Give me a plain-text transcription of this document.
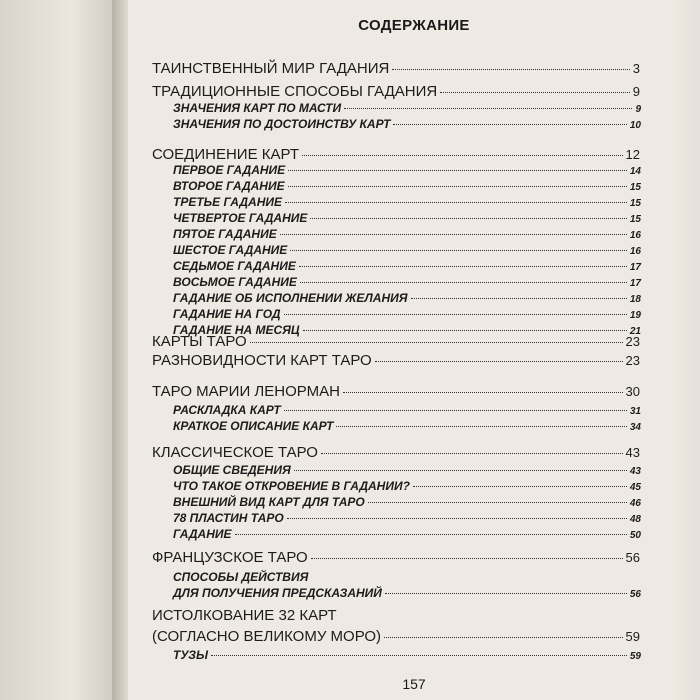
СОДЕРЖАНИЕ
ТАИНСТВЕННЫЙ МИР ГАДАНИЯ	3
ТРАДИЦИОННЫЕ СПОСОБЫ ГАДАНИЯ	9
ЗНАЧЕНИЯ КАРТ ПО МАСТИ	9
ЗНАЧЕНИЯ ПО ДОСТОИНСТВУ КАРТ	10
СОЕДИНЕНИЕ КАРТ	12
ПЕРВОЕ ГАДАНИЕ	14
ВТОРОЕ ГАДАНИЕ	15
ТРЕТЬЕ ГАДАНИЕ	15
ЧЕТВЕРТОЕ ГАДАНИЕ	15
ПЯТОЕ ГАДАНИЕ	16
ШЕСТОЕ ГАДАНИЕ	16
СЕДЬМОЕ ГАДАНИЕ	17
ВОСЬМОЕ ГАДАНИЕ	17
ГАДАНИЕ ОБ ИСПОЛНЕНИИ ЖЕЛАНИЯ	18
ГАДАНИЕ НА ГОД	19
ГАДАНИЕ НА МЕСЯЦ	21
КАРТЫ ТАРО	23
РАЗНОВИДНОСТИ КАРТ ТАРО	23
ТАРО МАРИИ ЛЕНОРМАН	30
РАСКЛАДКА КАРТ	31
КРАТКОЕ ОПИСАНИЕ КАРТ	34
КЛАССИЧЕСКОЕ ТАРО	43
ОБЩИЕ СВЕДЕНИЯ	43
ЧТО ТАКОЕ ОТКРОВЕНИЕ В ГАДАНИИ?	45
ВНЕШНИЙ ВИД КАРТ ДЛЯ ТАРО	46
78 ПЛАСТИН ТАРО	48
ГАДАНИЕ	50
ФРАНЦУЗСКОЕ ТАРО	56
СПОСОБЫ ДЕЙСТВИЯ
ДЛЯ ПОЛУЧЕНИЯ ПРЕДСКАЗАНИЙ	56
ИСТОЛКОВАНИЕ 32 КАРТ
(СОГЛАСНО ВЕЛИКОМУ МОРО)	59
ТУЗЫ	59
157
